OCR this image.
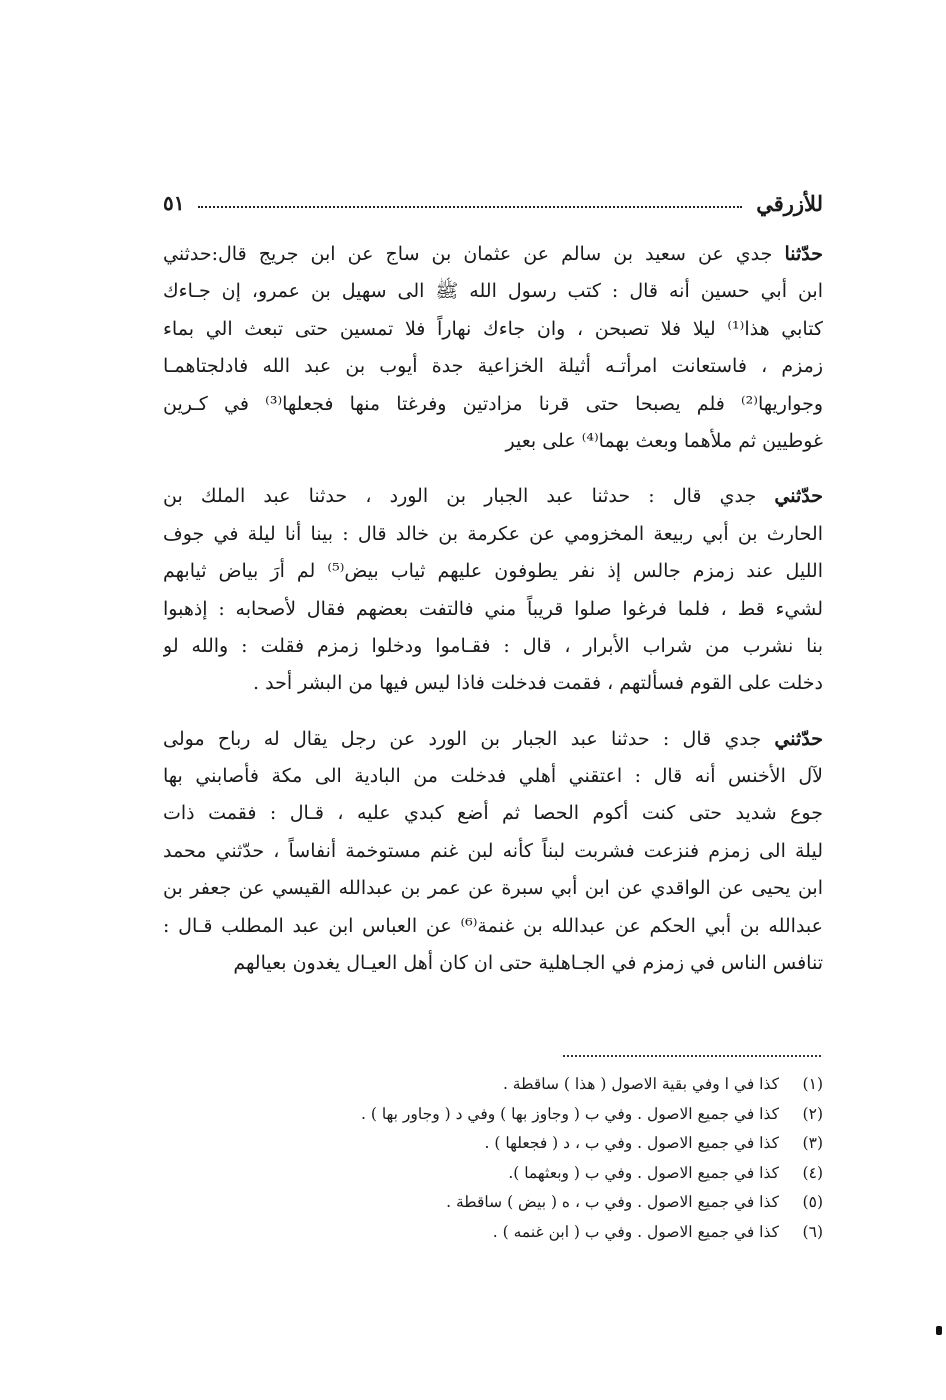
للأزرقي
٥١
حدّثنا جدي عن سعيد بن سالم عن عثمان بن ساج عن ابن جريج قال:حدثني
ابن أبي حسين أنه قال : كتب رسول الله ﷺ الى سهيل بن عمرو، إن جـاءك
كتابي هذا⁽¹⁾ ليلا فلا تصبحن ، وان جاءك نهاراً فلا تمسين حتى تبعث الي بماء
زمزم ، فاستعانت امرأتـه أثيلة الخزاعية جدة أيوب بن عبد الله فادلجتاهمـا
وجواريها⁽²⁾ فلم يصبحا حتى قرنا مزادتين وفرغتا منها فجعلها⁽³⁾ في كـرين
غوطيين ثم ملأهما وبعث بهما⁽⁴⁾ على بعير
حدّثني جدي قال : حدثنا عبد الجبار بن الورد ، حدثنا عبد الملك بن
الحارث بن أبي ربيعة المخزومي عن عكرمة بن خالد قال : بينا أنا ليلة في جوف
الليل عند زمزم جالس إذ نفر يطوفون عليهم ثياب بيض⁽⁵⁾ لم أرَ بياض ثيابهم
لشيء قط ، فلما فرغوا صلوا قريباً مني فالتفت بعضهم فقال لأصحابه : إذهبوا
بنا نشرب من شراب الأبرار ، قال : فقـاموا ودخلوا زمزم فقلت : والله لو
دخلت على القوم فسألتهم ، فقمت فدخلت فاذا ليس فيها من البشر أحد .
حدّثني جدي قال : حدثنا عبد الجبار بن الورد عن رجل يقال له رباح مولى
لآل الأخنس أنه قال : اعتقني أهلي فدخلت من البادية الى مكة فأصابني بها
جوع شديد حتى كنت أكوم الحصا ثم أضع كبدي عليه ، قـال : فقمت ذات
ليلة الى زمزم فنزعت فشربت لبناً كأنه لبن غنم مستوخمة أنفاساً ، حدّثني محمد
ابن يحيى عن الواقدي عن ابن أبي سبرة عن عمر بن عبدالله القيسي عن جعفر بن
عبدالله بن أبي الحكم عن عبدالله بن غنمة⁽⁶⁾ عن العباس ابن عبد المطلب قـال :
تنافس الناس في زمزم في الجـاهلية حتى ان كان أهل العيـال يغدون بعيالهم
(١)
كذا في ا وفي بقية الاصول ( هذا ) ساقطة .
(٢)
كذا في جميع الاصول . وفي ب ( وجاوز بها ) وفي د ( وجاور بها ) .
(٣)
كذا في جميع الاصول . وفي ب ، د ( فجعلها ) .
(٤)
كذا في جميع الاصول . وفي ب ( وبعثهما ).
(٥)
كذا في جميع الاصول . وفي ب ، ه ( بيض ) ساقطة .
(٦)
كذا في جميع الاصول . وفي ب ( ابن غنمه ) .
